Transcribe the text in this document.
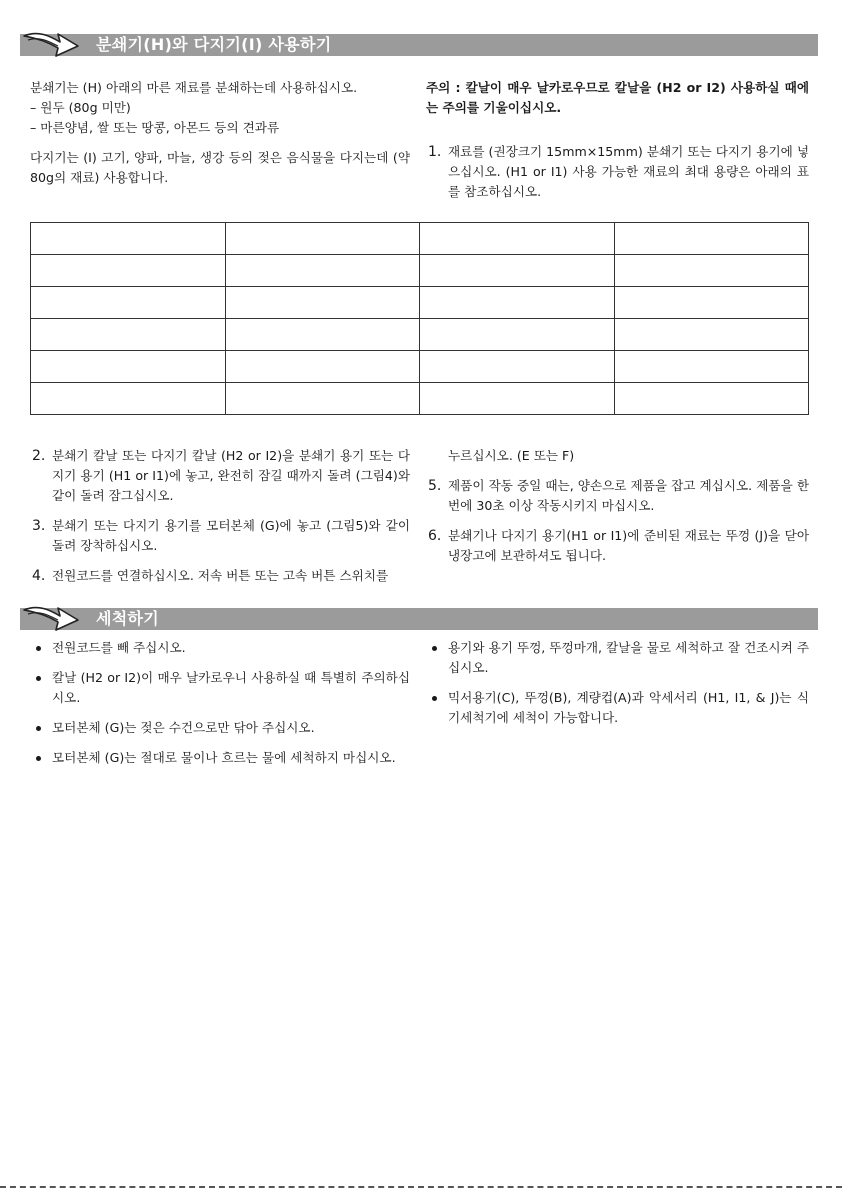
분쇄기(H)와 다지기(I) 사용하기

분쇄기는 (H) 아래의 마른 재료를 분쇄하는데 사용하십시오.

– 원두 (80g 미만)

– 마른양념, 쌀 또는 땅콩, 아몬드 등의 견과류

다지기는 (I) 고기, 양파, 마늘, 생강 등의 젖은 음식물을 다지는데 (약 80g의 재료) 사용합니다.

주의 : 칼날이 매우 날카로우므로 칼날을 (H2 or I2) 사용하실 때에는 주의를 기울이십시오.

1. 재료를 (권장크기 15mm×15mm) 분쇄기 또는 다지기 용기에 넣으십시오. (H1 or I1) 사용 가능한 재료의 최대 용량은 아래의 표를 참조하십시오.

2. 분쇄기 칼날 또는 다지기 칼날 (H2 or I2)을 분쇄기 용기 또는 다지기 용기 (H1 or I1)에 놓고, 완전히 잠길 때까지 돌려 (그림4)와 같이 돌려 잠그십시오.
3. 분쇄기 또는 다지기 용기를 모터본체 (G)에 놓고 (그림5)와 같이 돌려 장착하십시오.
4. 전원코드를 연결하십시오. 저속 버튼 또는 고속 버튼 스위치를

누르십시오. (E 또는 F)

5. 제품이 작동 중일 때는, 양손으로 제품을 잡고 계십시오. 제품을 한번에 30초 이상 작동시키지 마십시오.
6. 분쇄기나 다지기 용기(H1 or I1)에 준비된 재료는 뚜껑 (J)을 닫아 냉장고에 보관하셔도 됩니다.
세척하기
전원코드를 빼 주십시오.
칼날 (H2 or I2)이 매우 날카로우니 사용하실 때 특별히 주의하십시오.
모터본체 (G)는 젖은 수건으로만 닦아 주십시오.
모터본체 (G)는 절대로 물이나 흐르는 물에 세척하지 마십시오.
용기와 용기 뚜껑, 뚜껑마개, 칼날을 물로 세척하고 잘 건조시켜 주십시오.
믹서용기(C), 뚜껑(B), 계량컵(A)과 악세서리 (H1, I1, & J)는 식기세척기에 세척이 가능합니다.
